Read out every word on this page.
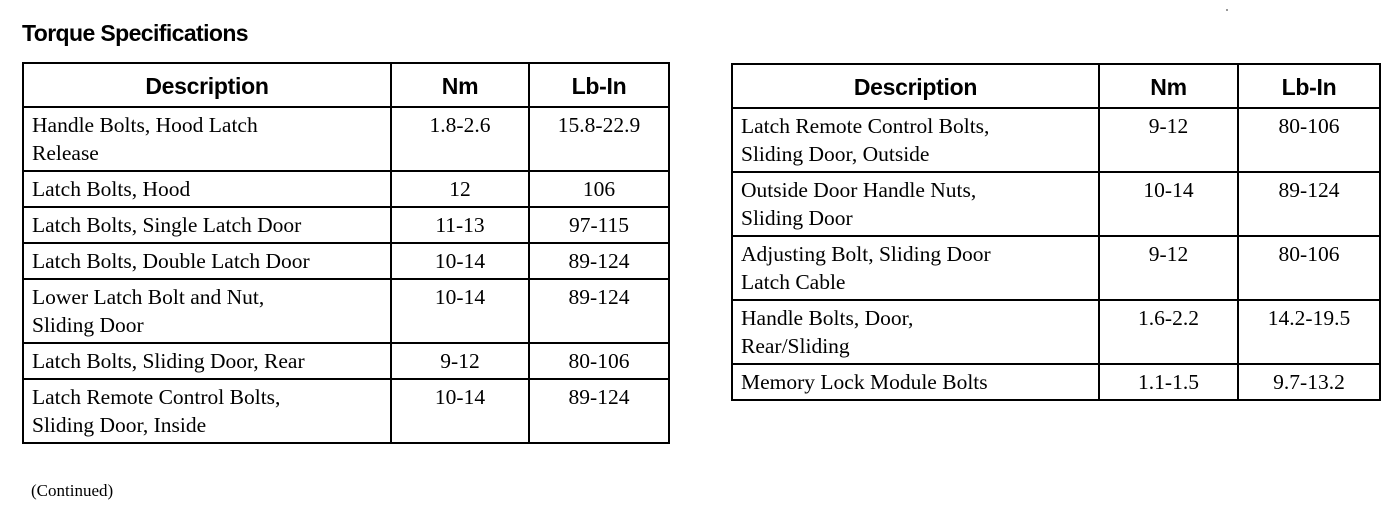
Torque Specifications
Description	Nm	Lb-In
Handle Bolts, Hood Latch
Release	1.8-2.6	15.8-22.9
Latch Bolts, Hood	12	106
Latch Bolts, Single Latch Door	11-13	97-115
Latch Bolts, Double Latch Door	10-14	89-124
Lower Latch Bolt and Nut,
Sliding Door	10-14	89-124
Latch Bolts, Sliding Door, Rear	9-12	80-106
Latch Remote Control Bolts,
Sliding Door, Inside	10-14	89-124
Description	Nm	Lb-In
Latch Remote Control Bolts,
Sliding Door, Outside	9-12	80-106
Outside Door Handle Nuts,
Sliding Door	10-14	89-124
Adjusting Bolt, Sliding Door
Latch Cable	9-12	80-106
Handle Bolts, Door,
Rear/Sliding	1.6-2.2	14.2-19.5
Memory Lock Module Bolts	1.1-1.5	9.7-13.2
(Continued)
